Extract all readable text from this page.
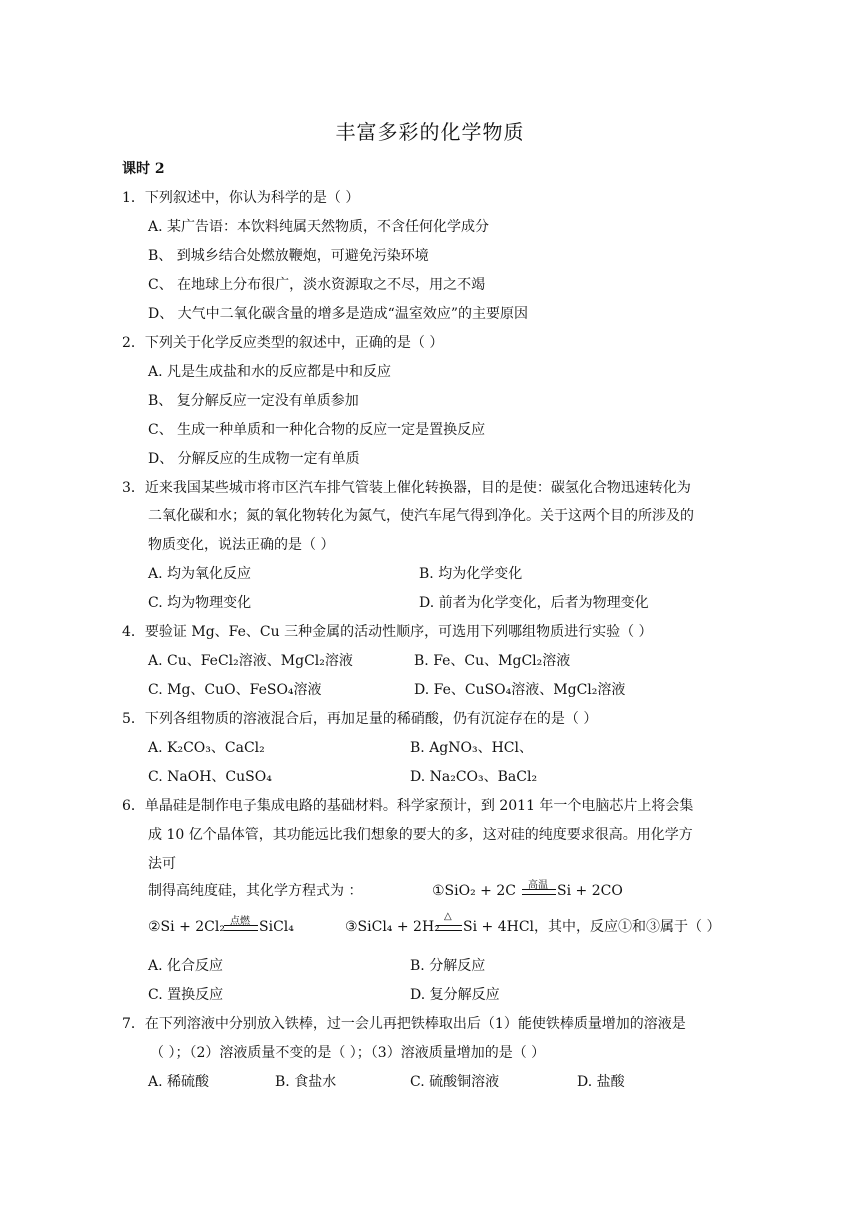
丰富多彩的化学物质
课时 2
1．下列叙述中，你认为科学的是（ ）
A. 某广告语：本饮料纯属天然物质，不含任何化学成分
B、 到城乡结合处燃放鞭炮，可避免污染环境
C、 在地球上分布很广，淡水资源取之不尽，用之不竭
D、 大气中二氧化碳含量的增多是造成“温室效应”的主要原因
2．下列关于化学反应类型的叙述中，正确的是（ ）
A. 凡是生成盐和水的反应都是中和反应
B、 复分解反应一定没有单质参加
C、 生成一种单质和一种化合物的反应一定是置换反应
D、 分解反应的生成物一定有单质
3．近来我国某些城市将市区汽车排气管装上催化转换器，目的是使：碳氢化合物迅速转化为
二氧化碳和水；氮的氧化物转化为氮气，使汽车尾气得到净化。关于这两个目的所涉及的
物质变化，说法正确的是（ ）
A. 均为氧化反应	B. 均为化学变化
C. 均为物理变化	D. 前者为化学变化，后者为物理变化
4．要验证 Mg、Fe、Cu 三种金属的活动性顺序，可选用下列哪组物质进行实验（ ）
A. Cu、FeCl₂溶液、MgCl₂溶液	B. Fe、Cu、MgCl₂溶液
C. Mg、CuO、FeSO₄溶液	D. Fe、CuSO₄溶液、MgCl₂溶液
5．下列各组物质的溶液混合后，再加足量的稀硝酸，仍有沉淀存在的是（ ）
A. K₂CO₃、CaCl₂	B. AgNO₃、HCl、
C. NaOH、CuSO₄	D. Na₂CO₃、BaCl₂
6．单晶硅是制作电子集成电路的基础材料。科学家预计，到 2011 年一个电脑芯片上将会集
成 10 亿个晶体管，其功能远比我们想象的要大的多，这对硅的纯度要求很高。用化学方
法可
制得高纯度硅，其化学方程式为 ：	①SiO₂ + 2C 高温 Si + 2CO
②Si + 2Cl₂ 点燃 SiCl₄	③SiCl₄ + 2H₂
△
Si + 4HCl，其中，反应①和③属于（ ）
A. 化合反应	B. 分解反应
C. 置换反应	D. 复分解反应
7．在下列溶液中分别放入铁棒，过一会儿再把铁棒取出后（1）能使铁棒质量增加的溶液是
（ ）；（2）溶液质量不变的是（ ）；（3）溶液质量增加的是（ ）
A. 稀硫酸	B. 食盐水	C. 硫酸铜溶液	D. 盐酸
